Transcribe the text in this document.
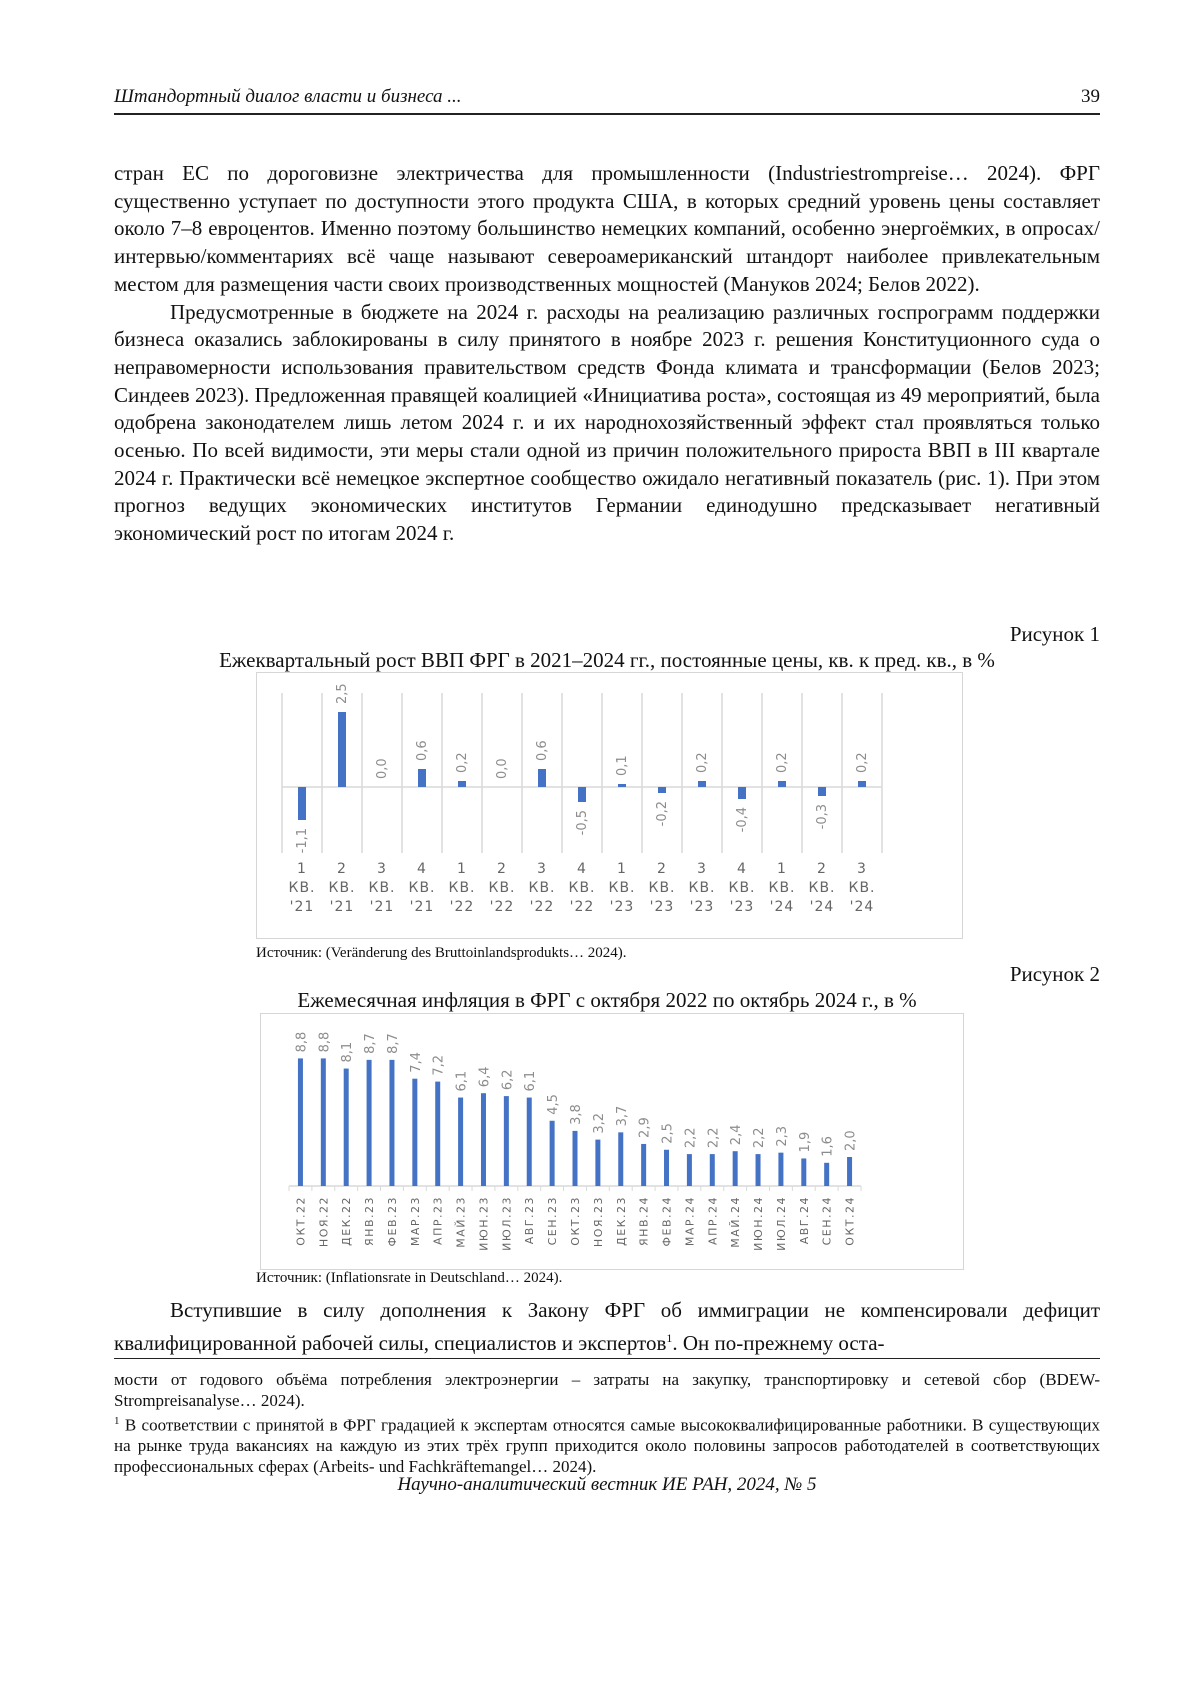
Штандортный диалог власти и бизнеса ...	39

стран ЕС по дороговизне электричества для промышленности (Industriestrompreise… 2024). ФРГ существенно уступает по доступности этого продукта США, в которых средний уровень цены составляет около 7–8 евроцентов. Именно поэтому большинство немецких компаний, особенно энергоёмких, в опросах/интервью/комментариях всё чаще называют североамериканский штандорт наиболее привлекательным местом для размещения части своих производственных мощностей (Мануков 2024; Белов 2022).

Предусмотренные в бюджете на 2024 г. расходы на реализацию различных госпрограмм поддержки бизнеса оказались заблокированы в силу принятого в ноябре 2023 г. решения Конституционного суда о неправомерности использования правительством средств Фонда климата и трансформации (Белов 2023; Синдеев 2023). Предложенная правящей коалицией «Инициатива роста», состоящая из 49 мероприятий, была одобрена законодателем лишь летом 2024 г. и их народнохозяйственный эффект стал проявляться только осенью. По всей видимости, эти меры стали одной из причин положительного прироста ВВП в III квартале 2024 г. Практически всё немецкое экспертное сообщество ожидало негативный показатель (рис. 1). При этом прогноз ведущих экономических институтов Германии единодушно предсказывает негативный экономический рост по итогам 2024 г.

Рисунок 1
Ежеквартальный рост ВВП ФРГ в 2021–2024 гг., постоянные цены, кв. к пред. кв., в %
-1,1
2,5
0,0
0,6
0,2 0,0
0,6
-0,5
0,1
-0,2
0,2
-0,4
0,2
-0,3
0,2
1
КВ.
'21
2
КВ.
'21
3
КВ.
'21
4
КВ.
'21
1
КВ.
'22
2
КВ.
'22
3
КВ.
'22
4
КВ.
'22
1
КВ.
'23
2
КВ.
'23
3
КВ.
'23
4
КВ.
'23
1
КВ.
'24
2
КВ.
'24
3
КВ.
'24
Источник: (Veränderung des Bruttoinlandsprodukts… 2024).
Рисунок 2
Ежемесячная инфляция в ФРГ с октября 2022 по октябрь 2024 г., в %
8,8 8,8 8,1 8,7 8,7
7,4 7,2
6,1 6,4 6,2 6,1
4,5 3,8 3,2 3,7
2,9 2,5 2,2 2,2 2,4 2,2 2,3 1,9 1,6 2,0
ОКТ.22 НОЯ.22 ДЕК.22 ЯНВ.23 ФЕВ.23 МАР.23 АПР.23 МАЙ.23 ИЮН.23 ИЮЛ.23 АВГ.23 СЕН.23 ОКТ.23 НОЯ.23 ДЕК.23 ЯНВ.24 ФЕВ.24 МАР.24 АПР.24 МАЙ.24 ИЮН.24 ИЮЛ.24 АВГ.24 СЕН.24 ОКТ.24
Источник: (Inflationsrate in Deutschland… 2024).

Вступившие в силу дополнения к Закону ФРГ об иммиграции не компенсировали дефицит квалифицированной рабочей силы, специалистов и экспертов$^1$. Он по-прежнему оста-

мости от годового объёма потребления электроэнергии – затраты на закупку, транспортировку и сетевой сбор (BDEW-Strompreisanalyse… 2024).

$^1$ В соответствии с принятой в ФРГ градацией к экспертам относятся самые высококвалифицированные работники. В существующих на рынке труда вакансиях на каждую из этих трёх групп приходится около половины запросов работодателей в соответствующих профессиональных сферах (Arbeits- und Fachkräftemangel… 2024).

Научно-аналитический вестник ИЕ РАН, 2024, № 5
